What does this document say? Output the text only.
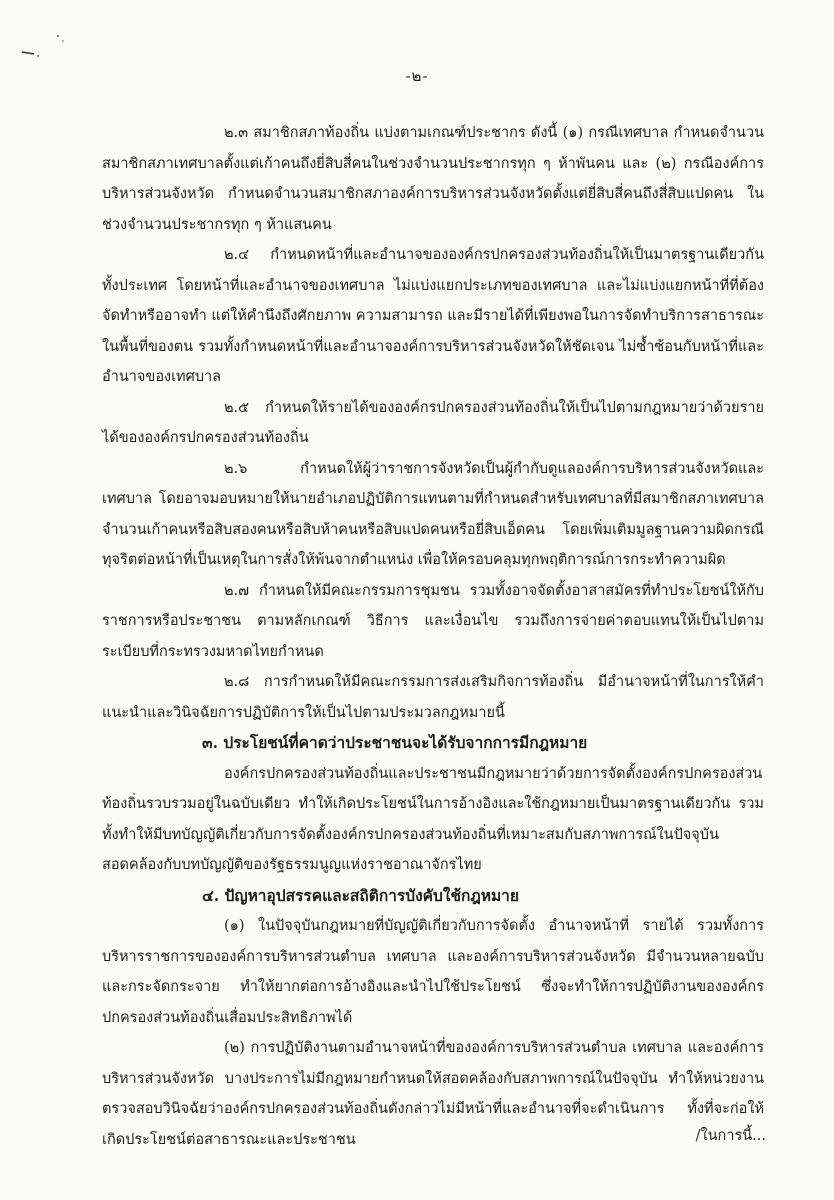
-๒-

๒.๓ สมาชิกสภาท้องถิ่น แบ่งตามเกณฑ์ประชากร ดังนี้ (๑) กรณีเทศบาล กำหนดจำนวนสมาชิกสภาเทศบาลตั้งแต่เก้าคนถึงยี่สิบสี่คนในช่วงจำนวนประชากรทุก ๆ ห้าพันคน และ (๒) กรณีองค์การบริหารส่วนจังหวัด กำหนดจำนวนสมาชิกสภาองค์การบริหารส่วนจังหวัดตั้งแต่ยี่สิบสี่คนถึงสี่สิบแปดคน ในช่วงจำนวนประชากรทุก ๆ ห้าแสนคน

๒.๔ กำหนดหน้าที่และอำนาจขององค์กรปกครองส่วนท้องถิ่นให้เป็นมาตรฐานเดียวกันทั้งประเทศ โดยหน้าที่และอำนาจของเทศบาล ไม่แบ่งแยกประเภทของเทศบาล และไม่แบ่งแยกหน้าที่ที่ต้องจัดทำหรืออาจทำ แต่ให้คำนึงถึงศักยภาพ ความสามารถ และมีรายได้ที่เพียงพอในการจัดทำบริการสาธารณะในพื้นที่ของตน รวมทั้งกำหนดหน้าที่และอำนาจองค์การบริหารส่วนจังหวัดให้ชัดเจน ไม่ซ้ำซ้อนกับหน้าที่และอำนาจของเทศบาล

๒.๕ กำหนดให้รายได้ขององค์กรปกครองส่วนท้องถิ่นให้เป็นไปตามกฎหมายว่าด้วยรายได้ขององค์กรปกครองส่วนท้องถิ่น

๒.๖ กำหนดให้ผู้ว่าราชการจังหวัดเป็นผู้กำกับดูแลองค์การบริหารส่วนจังหวัดและเทศบาล โดยอาจมอบหมายให้นายอำเภอปฏิบัติการแทนตามที่กำหนดสำหรับเทศบาลที่มีสมาชิกสภาเทศบาลจำนวนเก้าคนหรือสิบสองคนหรือสิบห้าคนหรือสิบแปดคนหรือยี่สิบเอ็ดคน โดยเพิ่มเติมมูลฐานความผิดกรณีทุจริตต่อหน้าที่เป็นเหตุในการสั่งให้พ้นจากตำแหน่ง เพื่อให้ครอบคลุมทุกพฤติการณ์การกระทำความผิด

๒.๗ กำหนดให้มีคณะกรรมการชุมชน รวมทั้งอาจจัดตั้งอาสาสมัครที่ทำประโยชน์ให้กับราชการหรือประชาชน ตามหลักเกณฑ์ วิธีการ และเงื่อนไข รวมถึงการจ่ายค่าตอบแทนให้เป็นไปตามระเบียบที่กระทรวงมหาดไทยกำหนด

๒.๘ การกำหนดให้มีคณะกรรมการส่งเสริมกิจการท้องถิ่น มีอำนาจหน้าที่ในการให้คำแนะนำและวินิจฉัยการปฏิบัติการให้เป็นไปตามประมวลกฎหมายนี้

๓. ประโยชน์ที่คาดว่าประชาชนจะได้รับจากการมีกฎหมาย

องค์กรปกครองส่วนท้องถิ่นและประชาชนมีกฎหมายว่าด้วยการจัดตั้งองค์กรปกครองส่วนท้องถิ่นรวบรวมอยู่ในฉบับเดียว ทำให้เกิดประโยชน์ในการอ้างอิงและใช้กฎหมายเป็นมาตรฐานเดียวกัน รวมทั้งทำให้มีบทบัญญัติเกี่ยวกับการจัดตั้งองค์กรปกครองส่วนท้องถิ่นที่เหมาะสมกับสภาพการณ์ในปัจจุบัน สอดคล้องกับบทบัญญัติของรัฐธรรมนูญแห่งราชอาณาจักรไทย

๔. ปัญหาอุปสรรคและสถิติการบังคับใช้กฎหมาย

(๑) ในปัจจุบันกฎหมายที่บัญญัติเกี่ยวกับการจัดตั้ง อำนาจหน้าที่ รายได้ รวมทั้งการบริหารราชการขององค์การบริหารส่วนตำบล เทศบาล และองค์การบริหารส่วนจังหวัด มีจำนวนหลายฉบับและกระจัดกระจาย ทำให้ยากต่อการอ้างอิงและนำไปใช้ประโยชน์ ซึ่งจะทำให้การปฏิบัติงานขององค์กรปกครองส่วนท้องถิ่นเสื่อมประสิทธิภาพได้

(๒) การปฏิบัติงานตามอำนาจหน้าที่ขององค์การบริหารส่วนตำบล เทศบาล และองค์การบริหารส่วนจังหวัด บางประการไม่มีกฎหมายกำหนดให้สอดคล้องกับสภาพการณ์ในปัจจุบัน ทำให้หน่วยงานตรวจสอบวินิจฉัยว่าองค์กรปกครองส่วนท้องถิ่นดังกล่าวไม่มีหน้าที่และอำนาจที่จะดำเนินการ ทั้งที่จะก่อให้เกิดประโยชน์ต่อสาธารณะและประชาชน	/ในการนี้...
